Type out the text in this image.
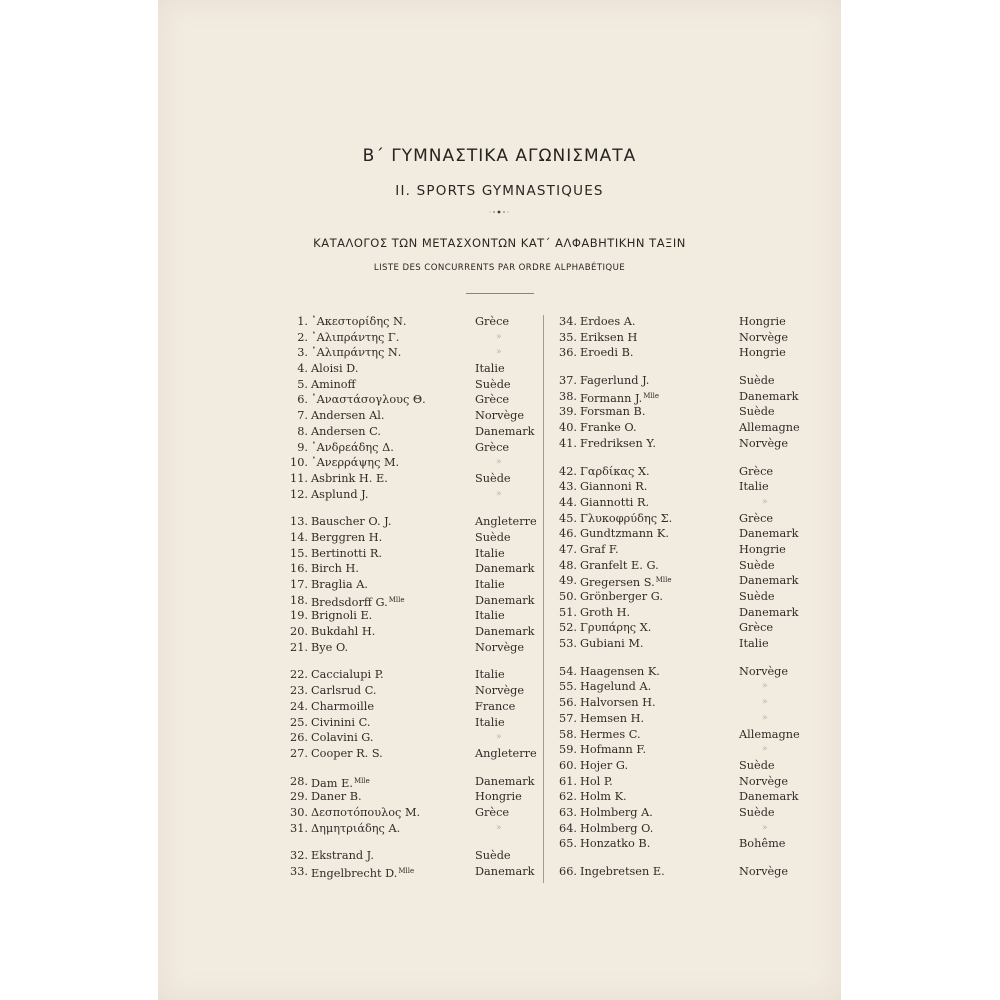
Β΄ ΓΥΜΝΑΣΤΙΚΑ ΑΓΩΝΙΣΜΑΤΑ
II. SPORTS GYMNASTIQUES
ΚΑΤΑΛΟΓΟΣ ΤΩΝ ΜΕΤΑΣΧΟΝΤΩΝ ΚΑΤ΄ ΑΛΦΑΒΗΤΙΚΗΝ ΤΑΞΙΝ
LISTE DES CONCURRENTS PAR ORDRE ALPHABÉTIQUE
1. ᾿Ακεστορίδης Ν.	Grèce
2. ᾿Αλιπράντης Γ.	»
3. ᾿Αλιπράντης Ν.	»
4. Aloisi D.	Italie
5. Aminoff	Suède
6. ᾿Αναστάσογλους Θ.	Grèce
7. Andersen Al.	Norvège
8. Andersen C.	Danemark
9. ᾿Ανδρεάδης Δ.	Grèce
10. ᾿Ανερράψης Μ.	»
11. Asbrink H. E.	Suède
12. Asplund J.	»
13. Bauscher O. J.	Angleterre
14. Berggren H.	Suède
15. Bertinotti R.	Italie
16. Birch H.	Danemark
17. Braglia A.	Italie
18. Bredsdorff G.$^{Mlle}$	Danemark
19. Brignoli E.	Italie
20. Bukdahl H.	Danemark
21. Bye O.	Norvège
22. Caccialupi P.	Italie
23. Carlsrud C.	Norvège
24. Charmoille	France
25. Civinini C.	Italie
26. Colavini G.	»
27. Cooper R. S.	Angleterre
28. Dam E.$^{Mlle}$	Danemark
29. Daner B.	Hongrie
30. Δεσποτόπουλος Μ.	Grèce
31. Δημητριάδης Α.	»
32. Ekstrand J.	Suède
33. Engelbrecht D.$^{Mlle}$	Danemark
34. Erdoes A.	Hongrie
35. Eriksen H	Norvège
36. Eroedi B.	Hongrie
37. Fagerlund J.	Suède
38. Formann J.$^{Mlle}$	Danemark
39. Forsman B.	Suède
40. Franke O.	Allemagne
41. Fredriksen Y.	Norvège
42. Γαρδίκας Χ.	Grèce
43. Giannoni R.	Italie
44. Giannotti R.	»
45. Γλυκοφρύδης Σ.	Grèce
46. Gundtzmann K.	Danemark
47. Graf F.	Hongrie
48. Granfelt E. G.	Suède
49. Gregersen S.$^{Mlle}$	Danemark
50. Grönberger G.	Suède
51. Groth H.	Danemark
52. Γρυπάρης Χ.	Grèce
53. Gubiani M.	Italie
54. Haagensen K.	Norvège
55. Hagelund A.	»
56. Halvorsen H.	»
57. Hemsen H.	»
58. Hermes C.	Allemagne
59. Hofmann F.	»
60. Hojer G.	Suède
61. Hol P.	Norvège
62. Holm K.	Danemark
63. Holmberg A.	Suède
64. Holmberg O.	»
65. Honzatko B.	Bohême
66. Ingebretsen E.	Norvège
